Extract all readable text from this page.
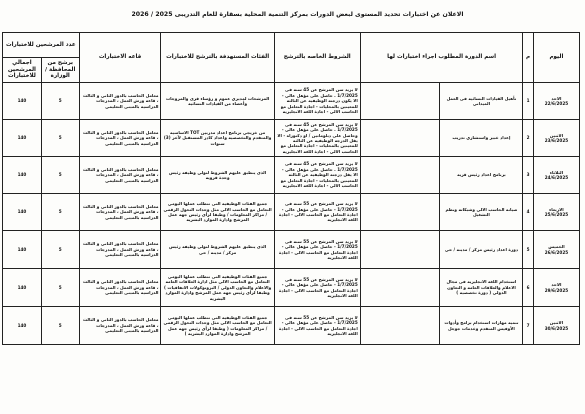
الاعلان عن اختبارات تحديد المستوى لبعض الدورات بمركز التنمية المحلية بسقارة للعام التدريبى 2025 / 2026
اليوم	م	اسم الدورة المطلوب اجراء اختبارات لها		الشروط الخاصه بالترشح	الفئات المستهدفة بالترشح للاختبارات	قاعه الاختبارات	عدد المرشحين للاختبارات	
							برشح من المحافظة / الوزارة	اجمالي المرشحين للاختبارات

الاحد
22/6/2025	1	تأهيل القيادات النسائية فى العمل الميداني		لا يزيد سن المرشح عن 45 سنه فى 1/7/2025 . حاصل على مؤهل عالي - الا يكون درجته الوظيفية عن الثالثه للمعينين بالمحليات - اجادة التعامل مع الحاسب الالي - اجادة اللغه الانجليزيه	المرشحات لمديري عموم و رؤساء قرى والمروجات وأعضاء من القيادات النسائية	معامل الحاسب بالدور الثاني و الثالث ، قاعه ورش العمل ، المدرجات الدراسية بالمبنى التعليمي	5	140

الاثنين
23/6/2025	2	إعداد خبير واستشاري تدريب		لا يزيد سن المرشح عن 45 سنه فى 1/7/2025 . حاصل على مؤهل عالي - وحاصل على دبلوماتين / او دكتوراه - الا يقل الدرجة الوظيفية عن الثالثة للمعينين بالمحليات - اجادة التعامل مع الحاسب الالي - اجادة اللغه الانجليزيه	من خريجي برنامج اعداد مدربين TOT الاساسية والمتقدم والتخصصية واعداد كادر المستقبل لآخر (3) سنوات	معامل الحاسب بالدور الثاني و الثالث ، قاعه ورش العمل ، المدرجات الدراسية بالمبنى التعليمي	5	140

الثلاثاء
24/6/2025	3	برنامج اعداد رئيس قرية		لا يزيد سن المرشح عن 45 سنه فى 1/7/2025 . حاصل على مؤهل عالي - الا يقل درجته الوظيفية عن الثالثة للمعينين بالمحليات - اجادة التعامل مع الحاسب الالي - اجادة اللغه الانجليزيه	الذى ينطبق عليهم الشروط لتولي وظيفة رئيس وحدة قروية	معامل الحاسب بالدور الثاني و الثالث ، قاعه ورش العمل ، المدرجات الدراسية بالمبنى التعليمي	5	140

الاربعاء
25/6/2025	4	صيانة الحاسب الالي وشبكاته ونظم التشغيل		لا يزيد سن المرشح عن 55 سنه فى 1/7/2025 - حاصل على مؤهل عالي - اجادة التعامل مع الحاسب الالي - اجادة اللغه الانجليزيه	جميع الفئات الوظيفيه التى تتطلب عملها اليومي التعامل مع الحاسب الالي مثل وحدات التحول الرقمي / مراكز المعلومات / وطبقا لرأى رئيس جهه عمل المرشح وادارة الموارد البشرية	معامل الحاسب بالدور الثاني و الثالث ، قاعه ورش العمل ، المدرجات الدراسية بالمبنى التعليمي	5	140

الخميس
26/6/2025	5	دورة اعداد رئيس مركز / مدينة / حي		لا يزيد سن المرشح عن 55 سنه فى 1/7/2025 - حاصل على مؤهل عالي - اجادة التعامل مع الحاسب الالي - اجادة اللغه الانجليزيه	الذى ينطبق عليهم الشروط لتولي وظيفة رئيس مركز / مدينة / حي	معامل الحاسب بالدور الثاني و الثالث ، قاعه ورش العمل ، المدرجات الدراسية بالمبنى التعليمي	5	140

الاحد
29/6/2025	6	استخدام اللغه الانجليزية فى مجال الاعلام والعلاقات العامه و التعاون الدولي ( دورة تخصصية )		لا يزيد سن المرشح عن 55 سنه فى 1/7/2025 - حاصل على مؤهل عالي - اجادة التعامل مع الحاسب الالي - اجادة اللغه الانجليزيه	جميع الفئات الوظيفيه التى تتطلب عملها اليومي التعامل مع الحاسب الالي مثل ادارة العلاقات العامة والاعلام والتعاون الدولي / البروتوكولات الاتفاقيات ) وطبقا لرأى رئيس جهه عمل المرشح وادارة الموارد البشرية	معامل الحاسب بالدور الثاني و الثالث ، قاعه ورش العمل ، المدرجات الدراسية بالمبنى التعليمي	5	140

الاثنين
30/6/2025	7	تنمية مهارات استخدام برامج وأدوات الأوفيس المتقدم وخدمات جوجل		لا يزيد سن المرشح عن 55 سنه فى 1/7/2025 - حاصل على مؤهل عالي - اجادة التعامل مع الحاسب الالي - اجادة اللغه الانجليزيه	جميع الفئات الوظيفيه التى تتطلب عملها اليومي التعامل مع الحاسب الالي مثل وحدات التحول الرقمي / مراكز المعلومات ( وطبقا لرأى رئيس جهه عمل المرشح وادارة الموارد البشرية )	معامل الحاسب بالدور الثاني و الثالث ، قاعه ورش العمل ، المدرجات الدراسية بالمبنى التعليمي	5	140
